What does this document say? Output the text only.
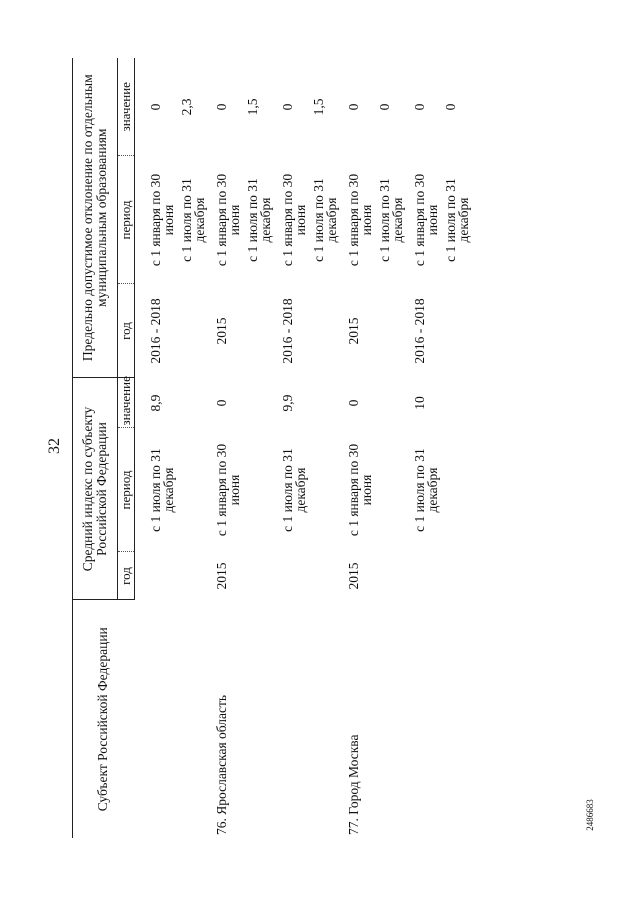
32
2486683
Субъект Российской Федерации	Средний индекс по субъекту Российской Федерации			Предельно допустимое отклонение по отдельным муниципальным образованиям		
	год	период	значение	год	период	значение

		с 1 июля по 31 декабря	8,9	2016 - 2018	с 1 января по 30 июня	0
					с 1 июля по 31 декабря	2,3
76. Ярославская область	2015	с 1 января по 30 июня	0	2015	с 1 января по 30 июня	0
					с 1 июля по 31 декабря	1,5
		с 1 июля по 31 декабря	9,9	2016 - 2018	с 1 января по 30 июня	0
					с 1 июля по 31 декабря	1,5
77. Город Москва	2015	с 1 января по 30 июня	0	2015	с 1 января по 30 июня	0
					с 1 июля по 31 декабря	0
		с 1 июля по 31 декабря	10	2016 - 2018	с 1 января по 30 июня	0
					с 1 июля по 31 декабря	0
